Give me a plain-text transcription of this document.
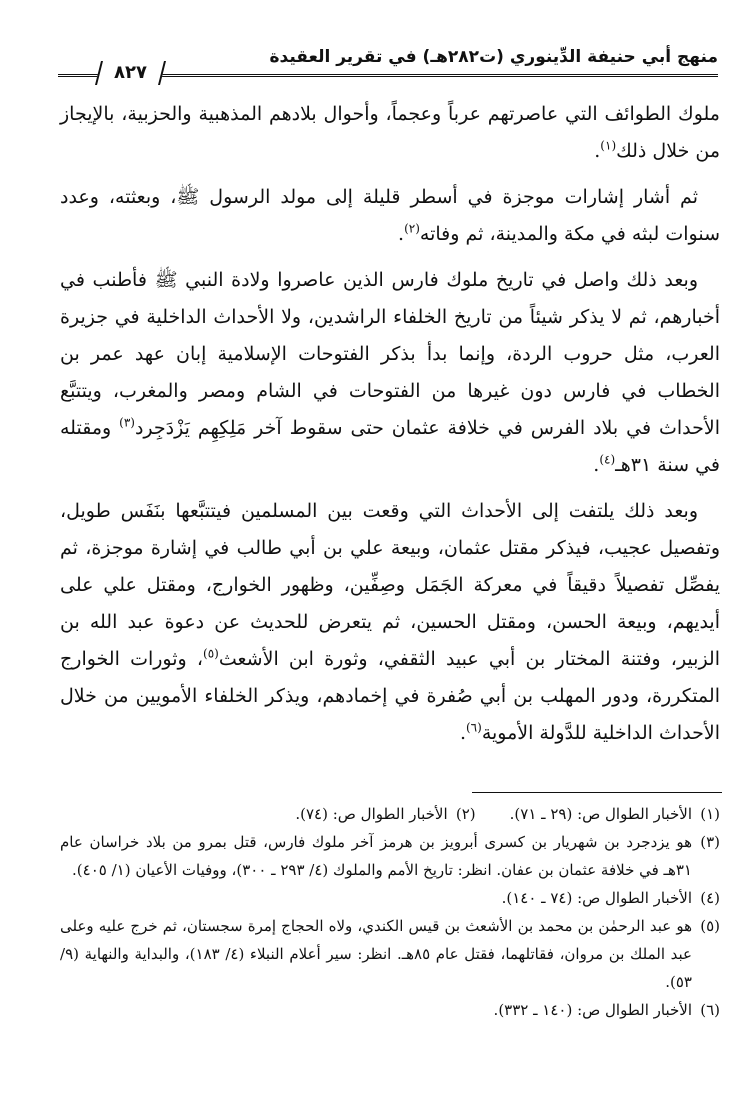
منهج أبي حنيفة الدِّينوري (ت٢٨٢هـ) في تقرير العقيدة
٨٢٧

ملوك الطوائف التي عاصرتهم عرباً وعجماً، وأحوال بلادهم المذهبية والحزبية، بالإيجاز من خلال ذلك$^{(١)}$.

ثم أشار إشارات موجزة في أسطر قليلة إلى مولد الرسول ﷺ، وبعثته، وعدد سنوات لبثه في مكة والمدينة، ثم وفاته$^{(٢)}$.

وبعد ذلك واصل في تاريخ ملوك فارس الذين عاصروا ولادة النبي ﷺ فأطنب في أخبارهم، ثم لا يذكر شيئاً من تاريخ الخلفاء الراشدين، ولا الأحداث الداخلية في جزيرة العرب، مثل حروب الردة، وإنما بدأ بذكر الفتوحات الإسلامية إبان عهد عمر بن الخطاب في فارس دون غيرها من الفتوحات في الشام ومصر والمغرب، ويتتبَّع الأحداث في بلاد الفرس في خلافة عثمان حتى سقوط آخر مَلِكِهِم يَزْدَجِرد$^{(٣)}$ ومقتله في سنة ٣١هـ$^{(٤)}$.

وبعد ذلك يلتفت إلى الأحداث التي وقعت بين المسلمين فيتتبَّعها بنَفَس طويل، وتفصيل عجيب، فيذكر مقتل عثمان، وبيعة علي بن أبي طالب في إشارة موجزة، ثم يفصِّل تفصيلاً دقيقاً في معركة الجَمَل وصِفِّين، وظهور الخوارج، ومقتل علي على أيديهم، وبيعة الحسن، ومقتل الحسين، ثم يتعرض للحديث عن دعوة عبد الله بن الزبير، وفتنة المختار بن أبي عبيد الثقفي، وثورة ابن الأشعث$^{(٥)}$، وثورات الخوارج المتكررة، ودور المهلب بن أبي صُفرة في إخمادهم، ويذكر الخلفاء الأمويين من خلال الأحداث الداخلية للدَّولة الأموية$^{(٦)}$.

(١)
الأخبار الطوال ص: (٢٩ ـ ٧١).
(٢)
الأخبار الطوال ص: (٧٤).
(٣)
هو يزدجرد بن شهريار بن كسرى أبرويز بن هرمز آخر ملوك فارس، قتل بمرو من بلاد خراسان عام ٣١هـ في خلافة عثمان بن عفان. انظر: تاريخ الأمم والملوك (٤/ ٢٩٣ ـ ٣٠٠)، ووفيات الأعيان (١/ ٤٠٥).
(٤)
الأخبار الطوال ص: (٧٤ ـ ١٤٠).
(٥)
هو عبد الرحمٰن بن محمد بن الأشعث بن قيس الكندي، ولاه الحجاج إمرة سجستان، ثم خرج عليه وعلى عبد الملك بن مروان، فقاتلهما، فقتل عام ٨٥هـ. انظر: سير أعلام النبلاء (٤/ ١٨٣)، والبداية والنهاية (٩/ ٥٣).
(٦)
الأخبار الطوال ص: (١٤٠ ـ ٣٣٢).
